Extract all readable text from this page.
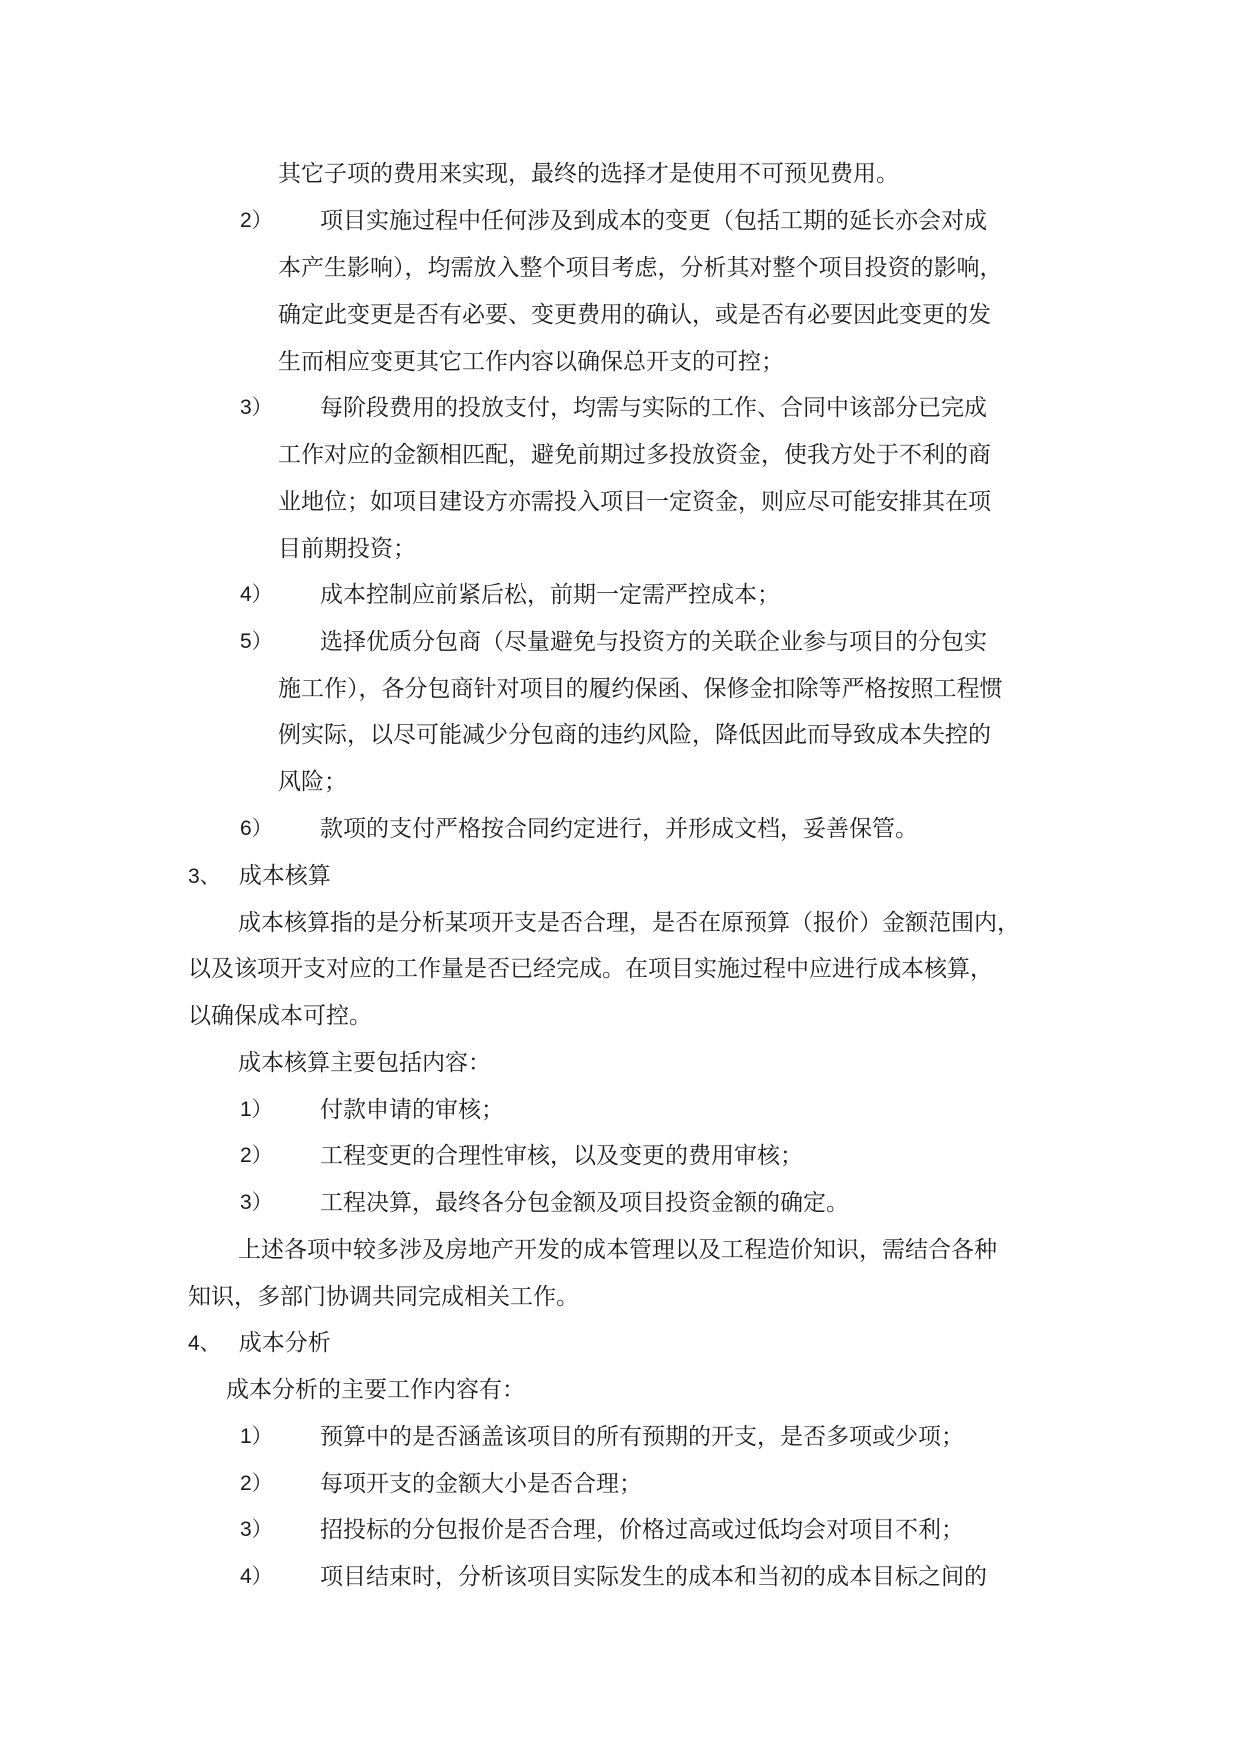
其它子项的费用来实现，最终的选择才是使用不可预见费用。
2） 项目实施过程中任何涉及到成本的变更（包括工期的延长亦会对成
本产生影响），均需放入整个项目考虑，分析其对整个项目投资的影响，
确定此变更是否有必要、变更费用的确认，或是否有必要因此变更的发
生而相应变更其它工作内容以确保总开支的可控；
3） 每阶段费用的投放支付，均需与实际的工作、合同中该部分已完成
工作对应的金额相匹配，避免前期过多投放资金，使我方处于不利的商
业地位；如项目建设方亦需投入项目一定资金，则应尽可能安排其在项
目前期投资；
4） 成本控制应前紧后松，前期一定需严控成本；
5） 选择优质分包商（尽量避免与投资方的关联企业参与项目的分包实
施工作），各分包商针对项目的履约保函、保修金扣除等严格按照工程惯
例实际，以尽可能减少分包商的违约风险，降低因此而导致成本失控的
风险；
6） 款项的支付严格按合同约定进行，并形成文档，妥善保管。
3、 成本核算
成本核算指的是分析某项开支是否合理，是否在原预算（报价）金额范围内，
以及该项开支对应的工作量是否已经完成。在项目实施过程中应进行成本核算，
以确保成本可控。
成本核算主要包括内容：
1） 付款申请的审核；
2） 工程变更的合理性审核，以及变更的费用审核；
3） 工程决算，最终各分包金额及项目投资金额的确定。
上述各项中较多涉及房地产开发的成本管理以及工程造价知识，需结合各种
知识，多部门协调共同完成相关工作。
4、 成本分析
成本分析的主要工作内容有：
1） 预算中的是否涵盖该项目的所有预期的开支，是否多项或少项；
2） 每项开支的金额大小是否合理；
3） 招投标的分包报价是否合理，价格过高或过低均会对项目不利；
4） 项目结束时，分析该项目实际发生的成本和当初的成本目标之间的
